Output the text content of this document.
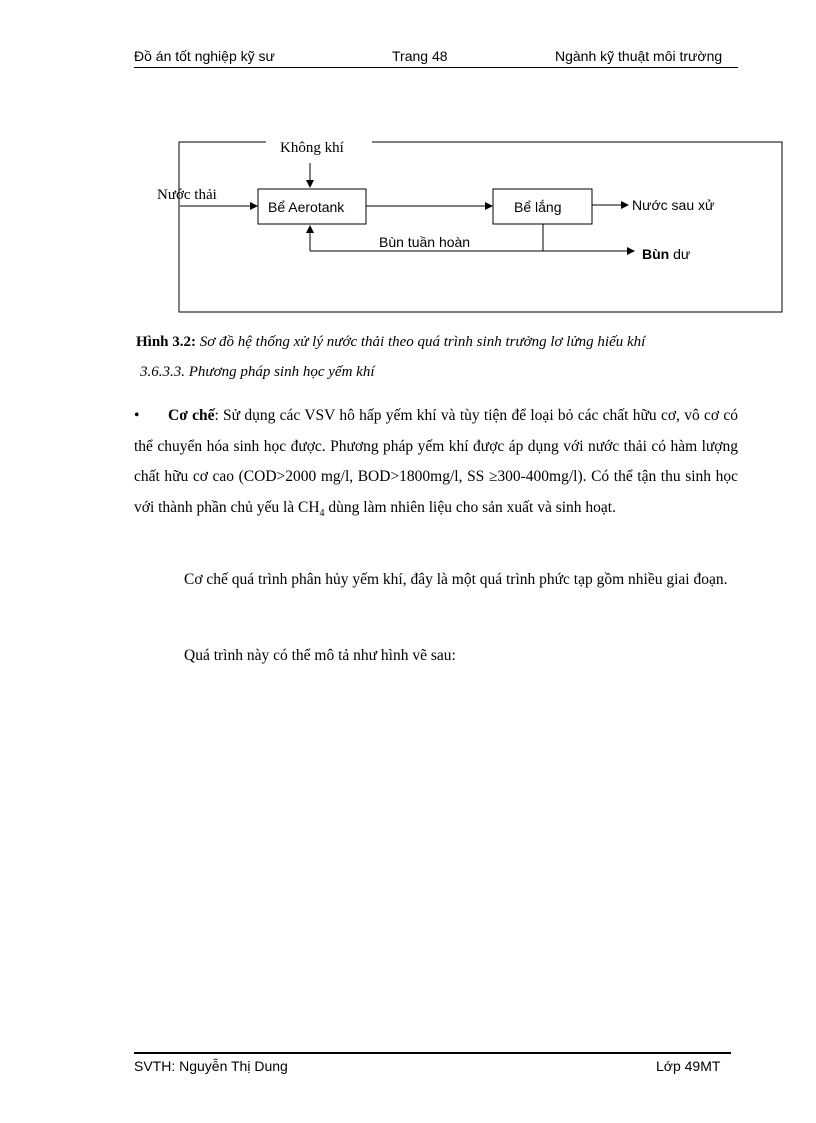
Đồ án tốt nghiệp kỹ sư	Trang 48	Ngành kỹ thuật môi trường
Không khí
Nước thải
Bể Aerotank	Bể lắng	Nước sau xử
Bùn tuần hoàn
Bùn dư
Hình 3.2: Sơ đồ hệ thống xử lý nước thải theo quá trình sinh trưởng lơ lửng hiếu khí
3.6.3.3. Phương pháp sinh học yếm khí
• Cơ chế: Sử dụng các VSV hô hấp yếm khí và tùy tiện để loại bỏ các chất hữu cơ, vô cơ có thể chuyển hóa sinh học được. Phương pháp yếm khí được áp dụng với nước thải có hàm lượng chất hữu cơ cao (COD>2000 mg/l, BOD>1800mg/l, SS ≥300-400mg/l). Có thể tận thu sinh học với thành phần chủ yếu là $CH_4$ dùng làm nhiên liệu cho sản xuất và sinh hoạt.
Cơ chế quá trình phân hủy yếm khí, đây là một quá trình phức tạp gồm nhiều giai đoạn.
Quá trình này có thể mô tả như hình vẽ sau:
SVTH: Nguyễn Thị Dung	Lớp 49MT
